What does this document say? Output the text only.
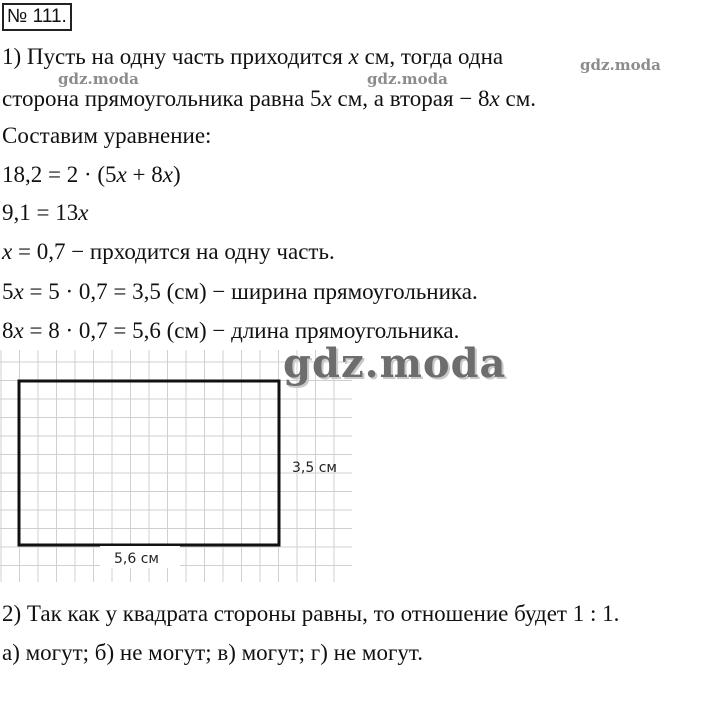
№ 111.
gdz.moda
gdz.moda	gdz.moda
1) Пусть на одну часть приходится x см, тогда одна
сторона прямоугольника равна 5x см, а вторая − 8x см.
Составим уравнение:
18,2 = 2 · (5x + 8x)
9,1 = 13x
x = 0,7 − прходится на одну часть.
5x = 5 · 0,7 = 3,5 (см) − ширина прямоугольника.
8x = 8 · 0,7 = 5,6 (см) − длина прямоугольника.
3,5 см
5,6 см
gdz.moda
2) Так как у квадрата стороны равны, то отношение будет 1 : 1.
а) могут; б) не могут; в) могут; г) не могут.
